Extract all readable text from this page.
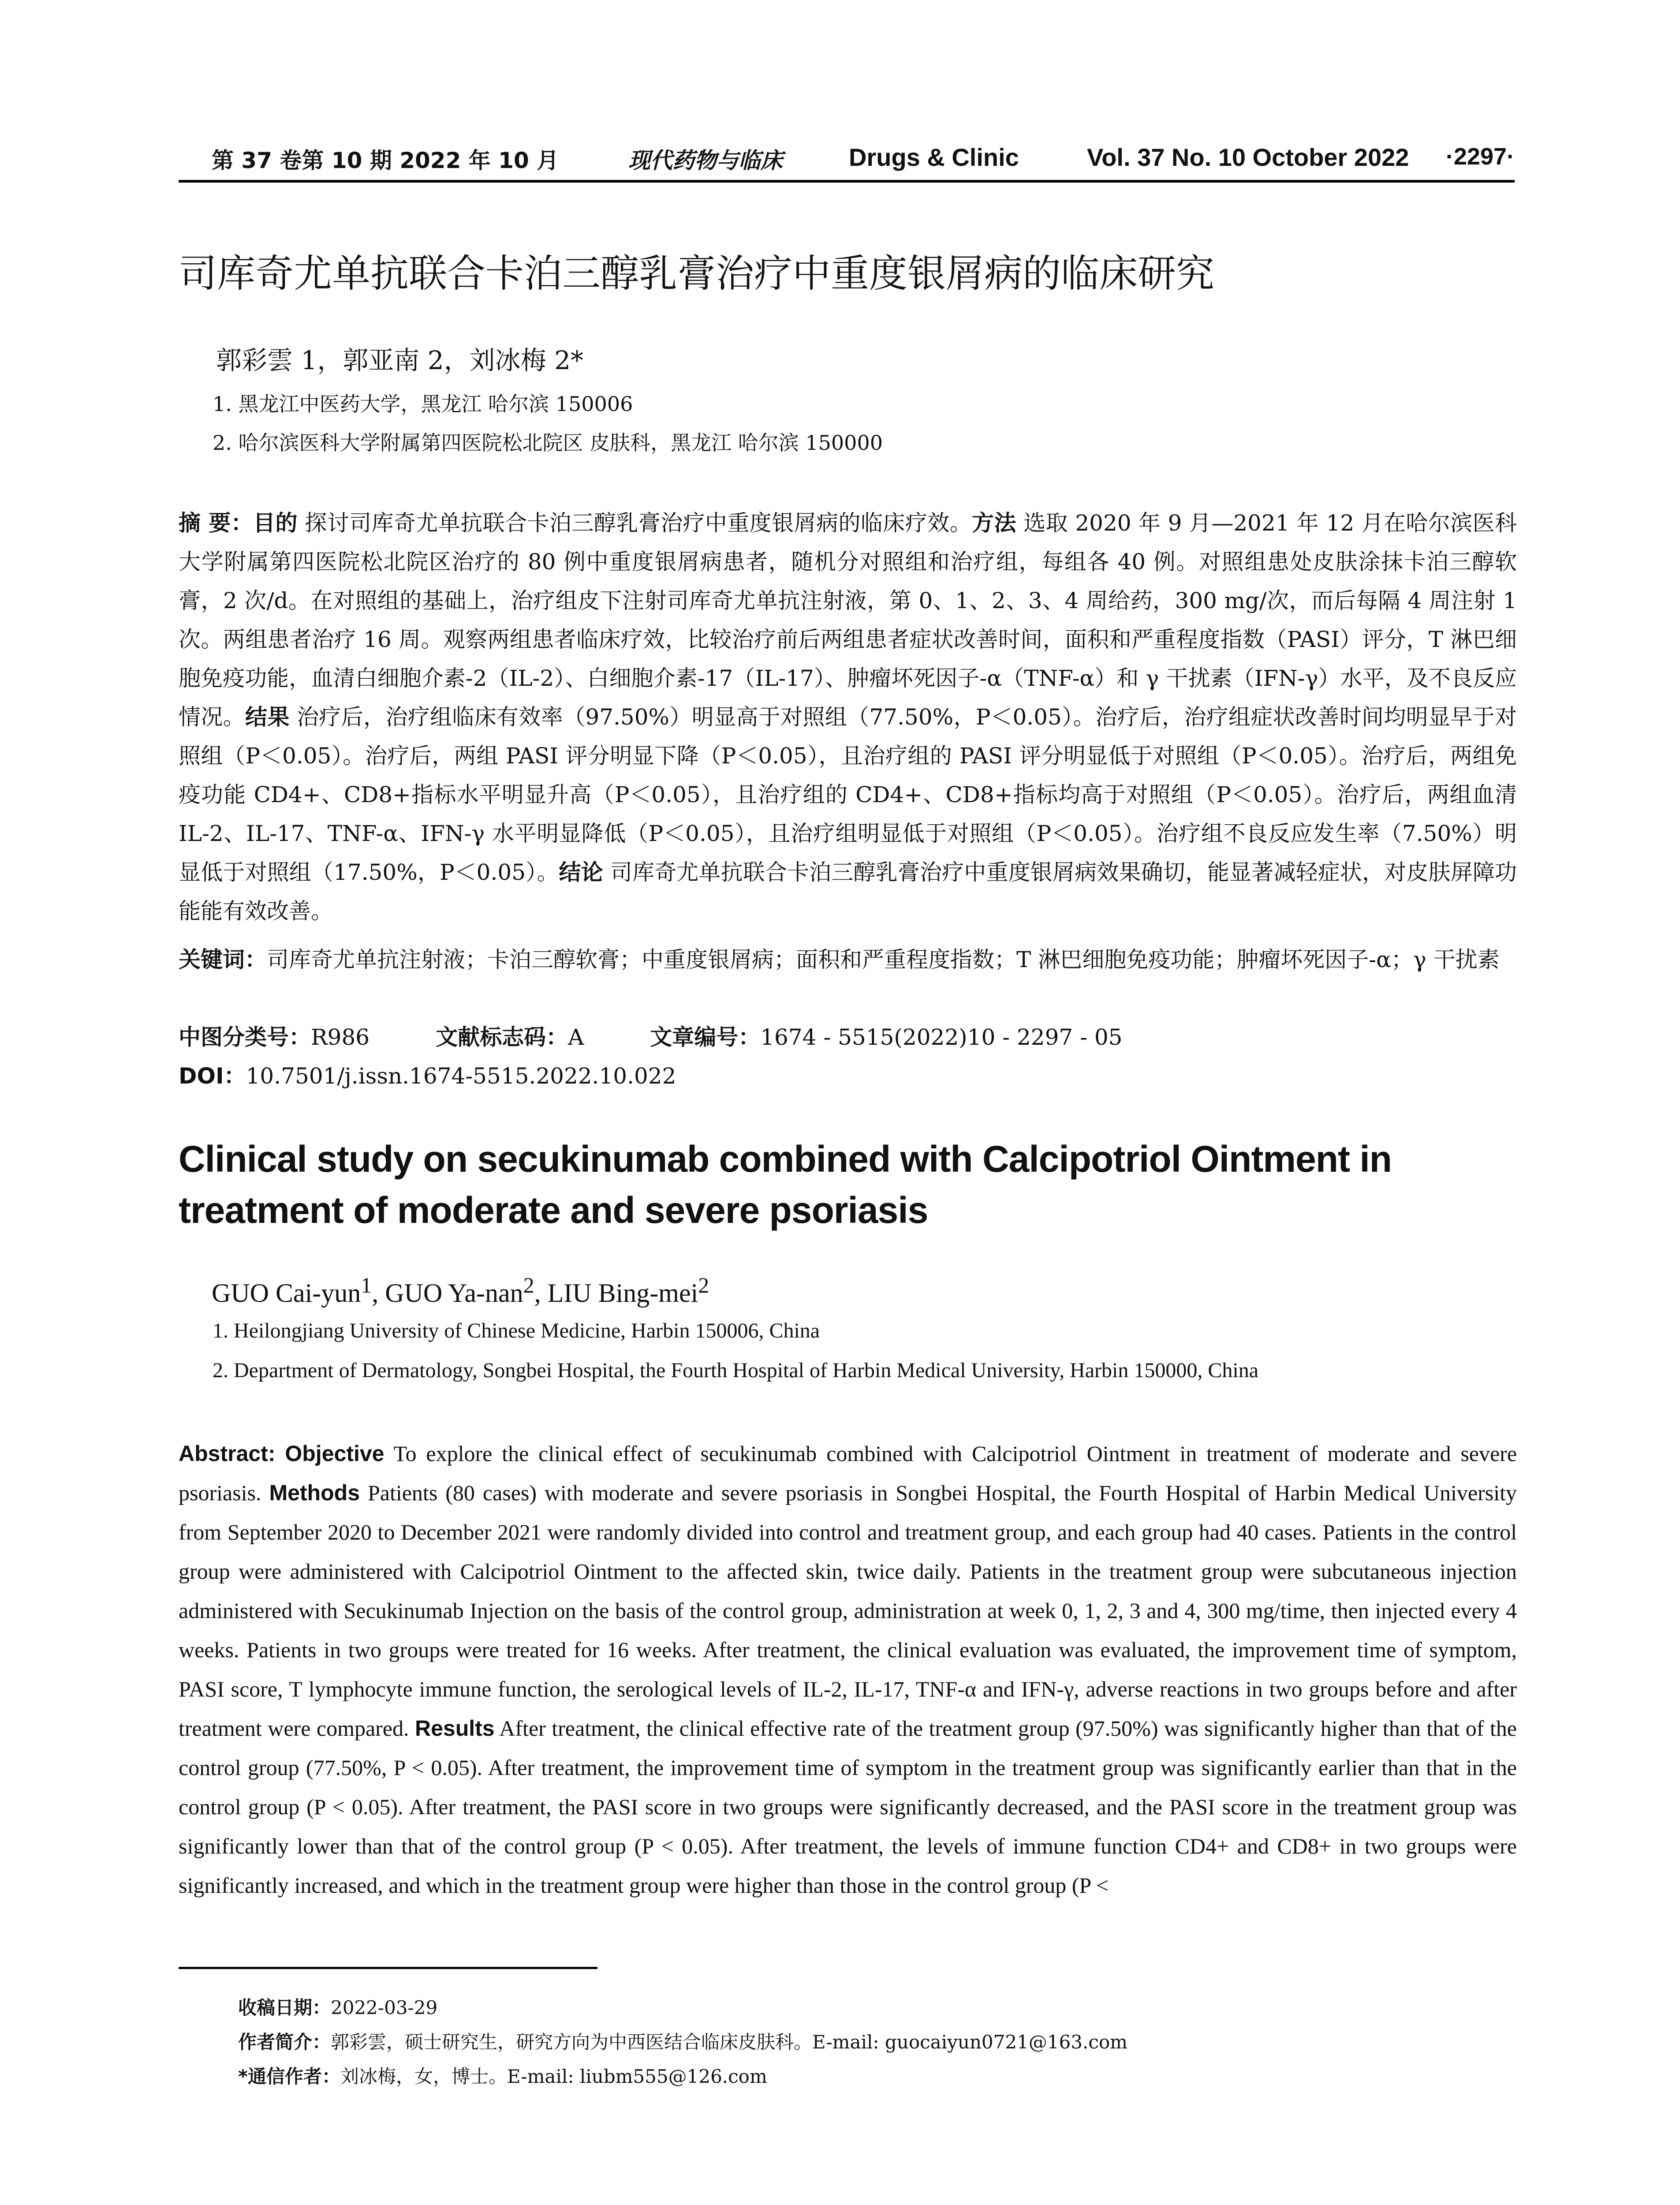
第 37 卷第 10 期 2022 年 10 月	现代药物与临床	Drugs & Clinic	Vol. 37 No. 10 October 2022 ·2297·
司库奇尤单抗联合卡泊三醇乳膏治疗中重度银屑病的临床研究
郭彩雲 1，郭亚南 2，刘冰梅 2*
1. 黑龙江中医药大学，黑龙江 哈尔滨 150006
2. 哈尔滨医科大学附属第四医院松北院区 皮肤科，黑龙江 哈尔滨 150000

摘 要：目的 探讨司库奇尤单抗联合卡泊三醇乳膏治疗中重度银屑病的临床疗效。方法 选取 2020 年 9 月—2021 年 12 月在哈尔滨医科大学附属第四医院松北院区治疗的 80 例中重度银屑病患者，随机分对照组和治疗组，每组各 40 例。对照组患处皮肤涂抹卡泊三醇软膏，2 次/d。在对照组的基础上，治疗组皮下注射司库奇尤单抗注射液，第 0、1、2、3、4 周给药，300 mg/次，而后每隔 4 周注射 1 次。两组患者治疗 16 周。观察两组患者临床疗效，比较治疗前后两组患者症状改善时间，面积和严重程度指数（PASI）评分，T 淋巴细胞免疫功能，血清白细胞介素-2（IL-2）、白细胞介素-17（IL-17）、肿瘤坏死因子-α（TNF-α）和 γ 干扰素（IFN-γ）水平，及不良反应情况。结果 治疗后，治疗组临床有效率（97.50%）明显高于对照组（77.50%，P＜0.05）。治疗后，治疗组症状改善时间均明显早于对照组（P＜0.05）。治疗后，两组 PASI 评分明显下降（P＜0.05），且治疗组的 PASI 评分明显低于对照组（P＜0.05）。治疗后，两组免疫功能 CD4+、CD8+指标水平明显升高（P＜0.05），且治疗组的 CD4+、CD8+指标均高于对照组（P＜0.05）。治疗后，两组血清 IL-2、IL-17、TNF-α、IFN-γ 水平明显降低（P＜0.05），且治疗组明显低于对照组（P＜0.05）。治疗组不良反应发生率（7.50%）明显低于对照组（17.50%，P＜0.05）。结论 司库奇尤单抗联合卡泊三醇乳膏治疗中重度银屑病效果确切，能显著减轻症状，对皮肤屏障功能能有效改善。

关键词：司库奇尤单抗注射液；卡泊三醇软膏；中重度银屑病；面积和严重程度指数；T 淋巴细胞免疫功能；肿瘤坏死因子-α；γ 干扰素

中图分类号：R986	文献标志码：A	文章编号：1674 - 5515(2022)10 - 2297 - 05

DOI：10.7501/j.issn.1674-5515.2022.10.022

Clinical study on secukinumab combined with Calcipotriol Ointment in treatment of moderate and severe psoriasis
GUO Cai-yun$^1$, GUO Ya-nan$^2$, LIU Bing-mei$^2$
1. Heilongjiang University of Chinese Medicine, Harbin 150006, China
2. Department of Dermatology, Songbei Hospital, the Fourth Hospital of Harbin Medical University, Harbin 150000, China

Abstract: Objective To explore the clinical effect of secukinumab combined with Calcipotriol Ointment in treatment of moderate and severe psoriasis. Methods Patients (80 cases) with moderate and severe psoriasis in Songbei Hospital, the Fourth Hospital of Harbin Medical University from September 2020 to December 2021 were randomly divided into control and treatment group, and each group had 40 cases. Patients in the control group were administered with Calcipotriol Ointment to the affected skin, twice daily. Patients in the treatment group were subcutaneous injection administered with Secukinumab Injection on the basis of the control group, administration at week 0, 1, 2, 3 and 4, 300 mg/time, then injected every 4 weeks. Patients in two groups were treated for 16 weeks. After treatment, the clinical evaluation was evaluated, the improvement time of symptom, PASI score, T lymphocyte immune function, the serological levels of IL-2, IL-17, TNF-α and IFN-γ, adverse reactions in two groups before and after treatment were compared. Results After treatment, the clinical effective rate of the treatment group (97.50%) was significantly higher than that of the control group (77.50%, P < 0.05). After treatment, the improvement time of symptom in the treatment group was significantly earlier than that in the control group (P < 0.05). After treatment, the PASI score in two groups were significantly decreased, and the PASI score in the treatment group was significantly lower than that of the control group (P < 0.05). After treatment, the levels of immune function CD4+ and CD8+ in two groups were significantly increased, and which in the treatment group were higher than those in the control group (P <

收稿日期：2022-03-29
作者简介：郭彩雲，硕士研究生，研究方向为中西医结合临床皮肤科。E-mail: guocaiyun0721@163.com
*通信作者：刘冰梅，女，博士。E-mail: liubm555@126.com
